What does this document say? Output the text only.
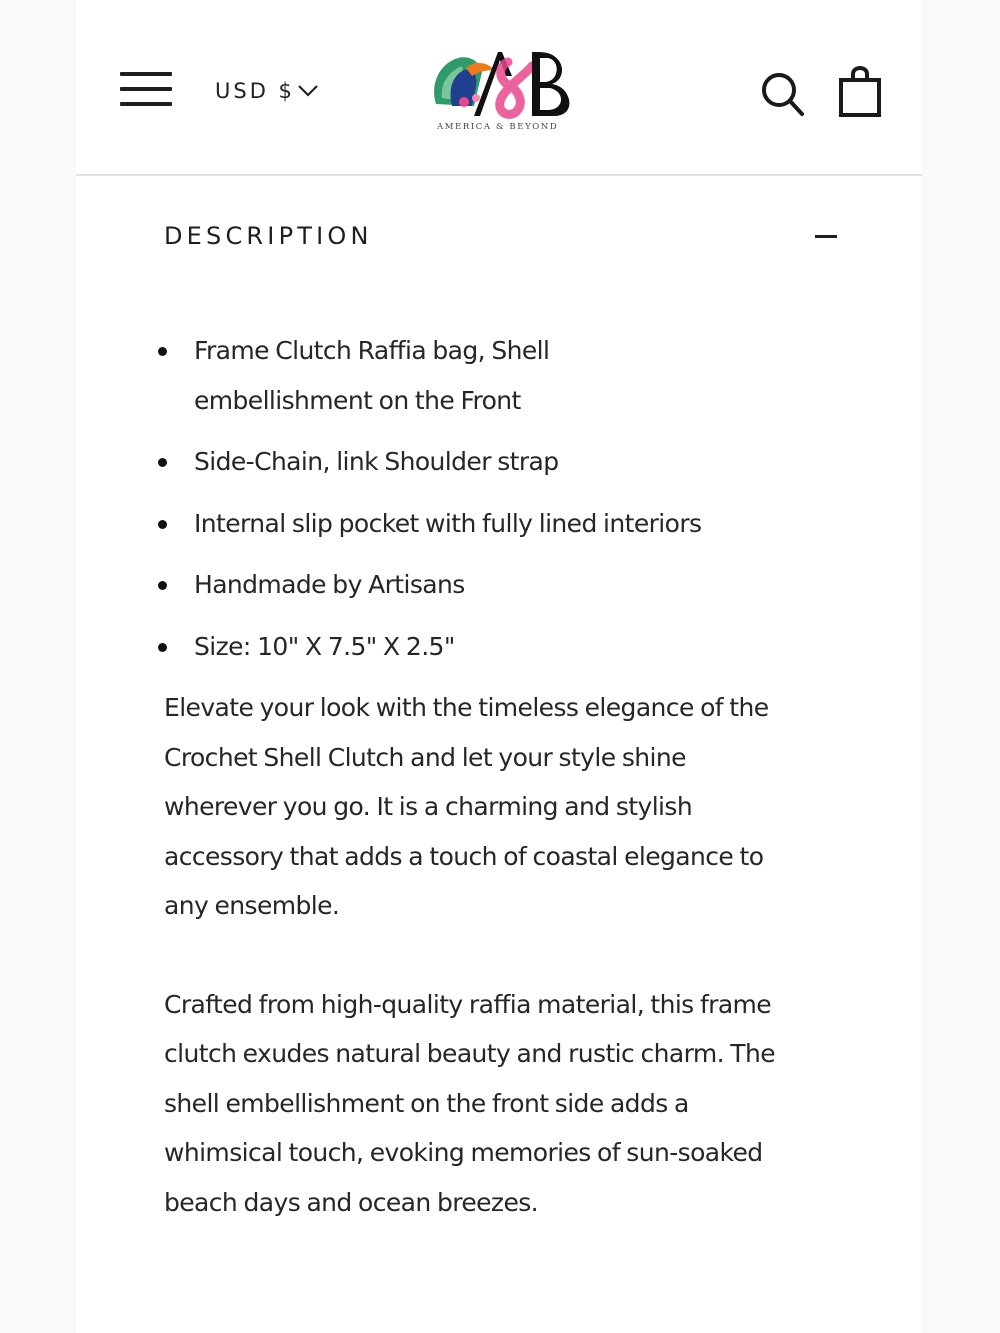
USD $
AMERICA & BEYOND
DESCRIPTION
Frame Clutch Raffia bag, Shell embellishment on the Front
Side-Chain, link Shoulder strap
Internal slip pocket with fully lined interiors
Handmade by Artisans
Size: 10" X 7.5" X 2.5"

Elevate your look with the timeless elegance of the Crochet Shell Clutch and let your style shine wherever you go. It is a charming and stylish accessory that adds a touch of coastal elegance to any ensemble.

Crafted from high-quality raffia material, this frame clutch exudes natural beauty and rustic charm. The shell embellishment on the front side adds a whimsical touch, evoking memories of sun-soaked beach days and ocean breezes.
